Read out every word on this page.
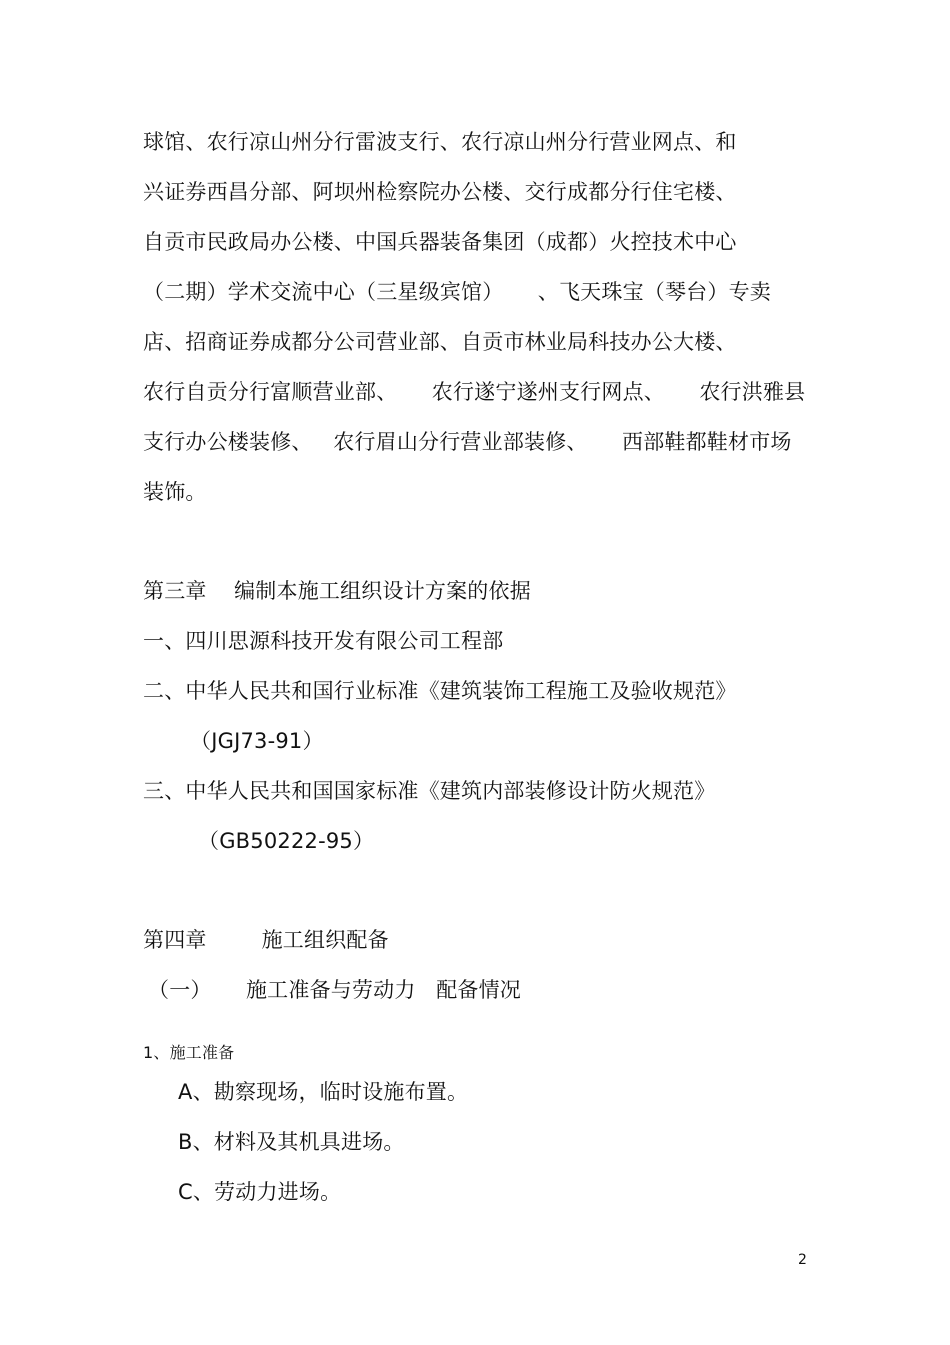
球馆、农行凉山州分行雷波支行、农行凉山州分行营业网点、和
兴证券西昌分部、阿坝州检察院办公楼、交行成都分行住宅楼、
自贡市民政局办公楼、中国兵器装备集团（成都）火控技术中心
（二期）学术交流中心（三星级宾馆）     、飞天珠宝（琴台）专卖
店、招商证券成都分公司营业部、自贡市林业局科技办公大楼、
农行自贡分行富顺营业部、     农行遂宁遂州支行网点、     农行洪雅县
支行办公楼装修、   农行眉山分行营业部装修、     西部鞋都鞋材市场
装饰。
第三章    编制本施工组织设计方案的依据
一、四川思源科技开发有限公司工程部
二、中华人民共和国行业标准《建筑装饰工程施工及验收规范》
（JGJ73-91）
三、中华人民共和国国家标准《建筑内部装修设计防火规范》
（GB50222-95）
第四章        施工组织配备
（一）     施工准备与劳动力   配备情况
1、施工准备
A、勘察现场，临时设施布置。
B、材料及其机具进场。
C、劳动力进场。
2
